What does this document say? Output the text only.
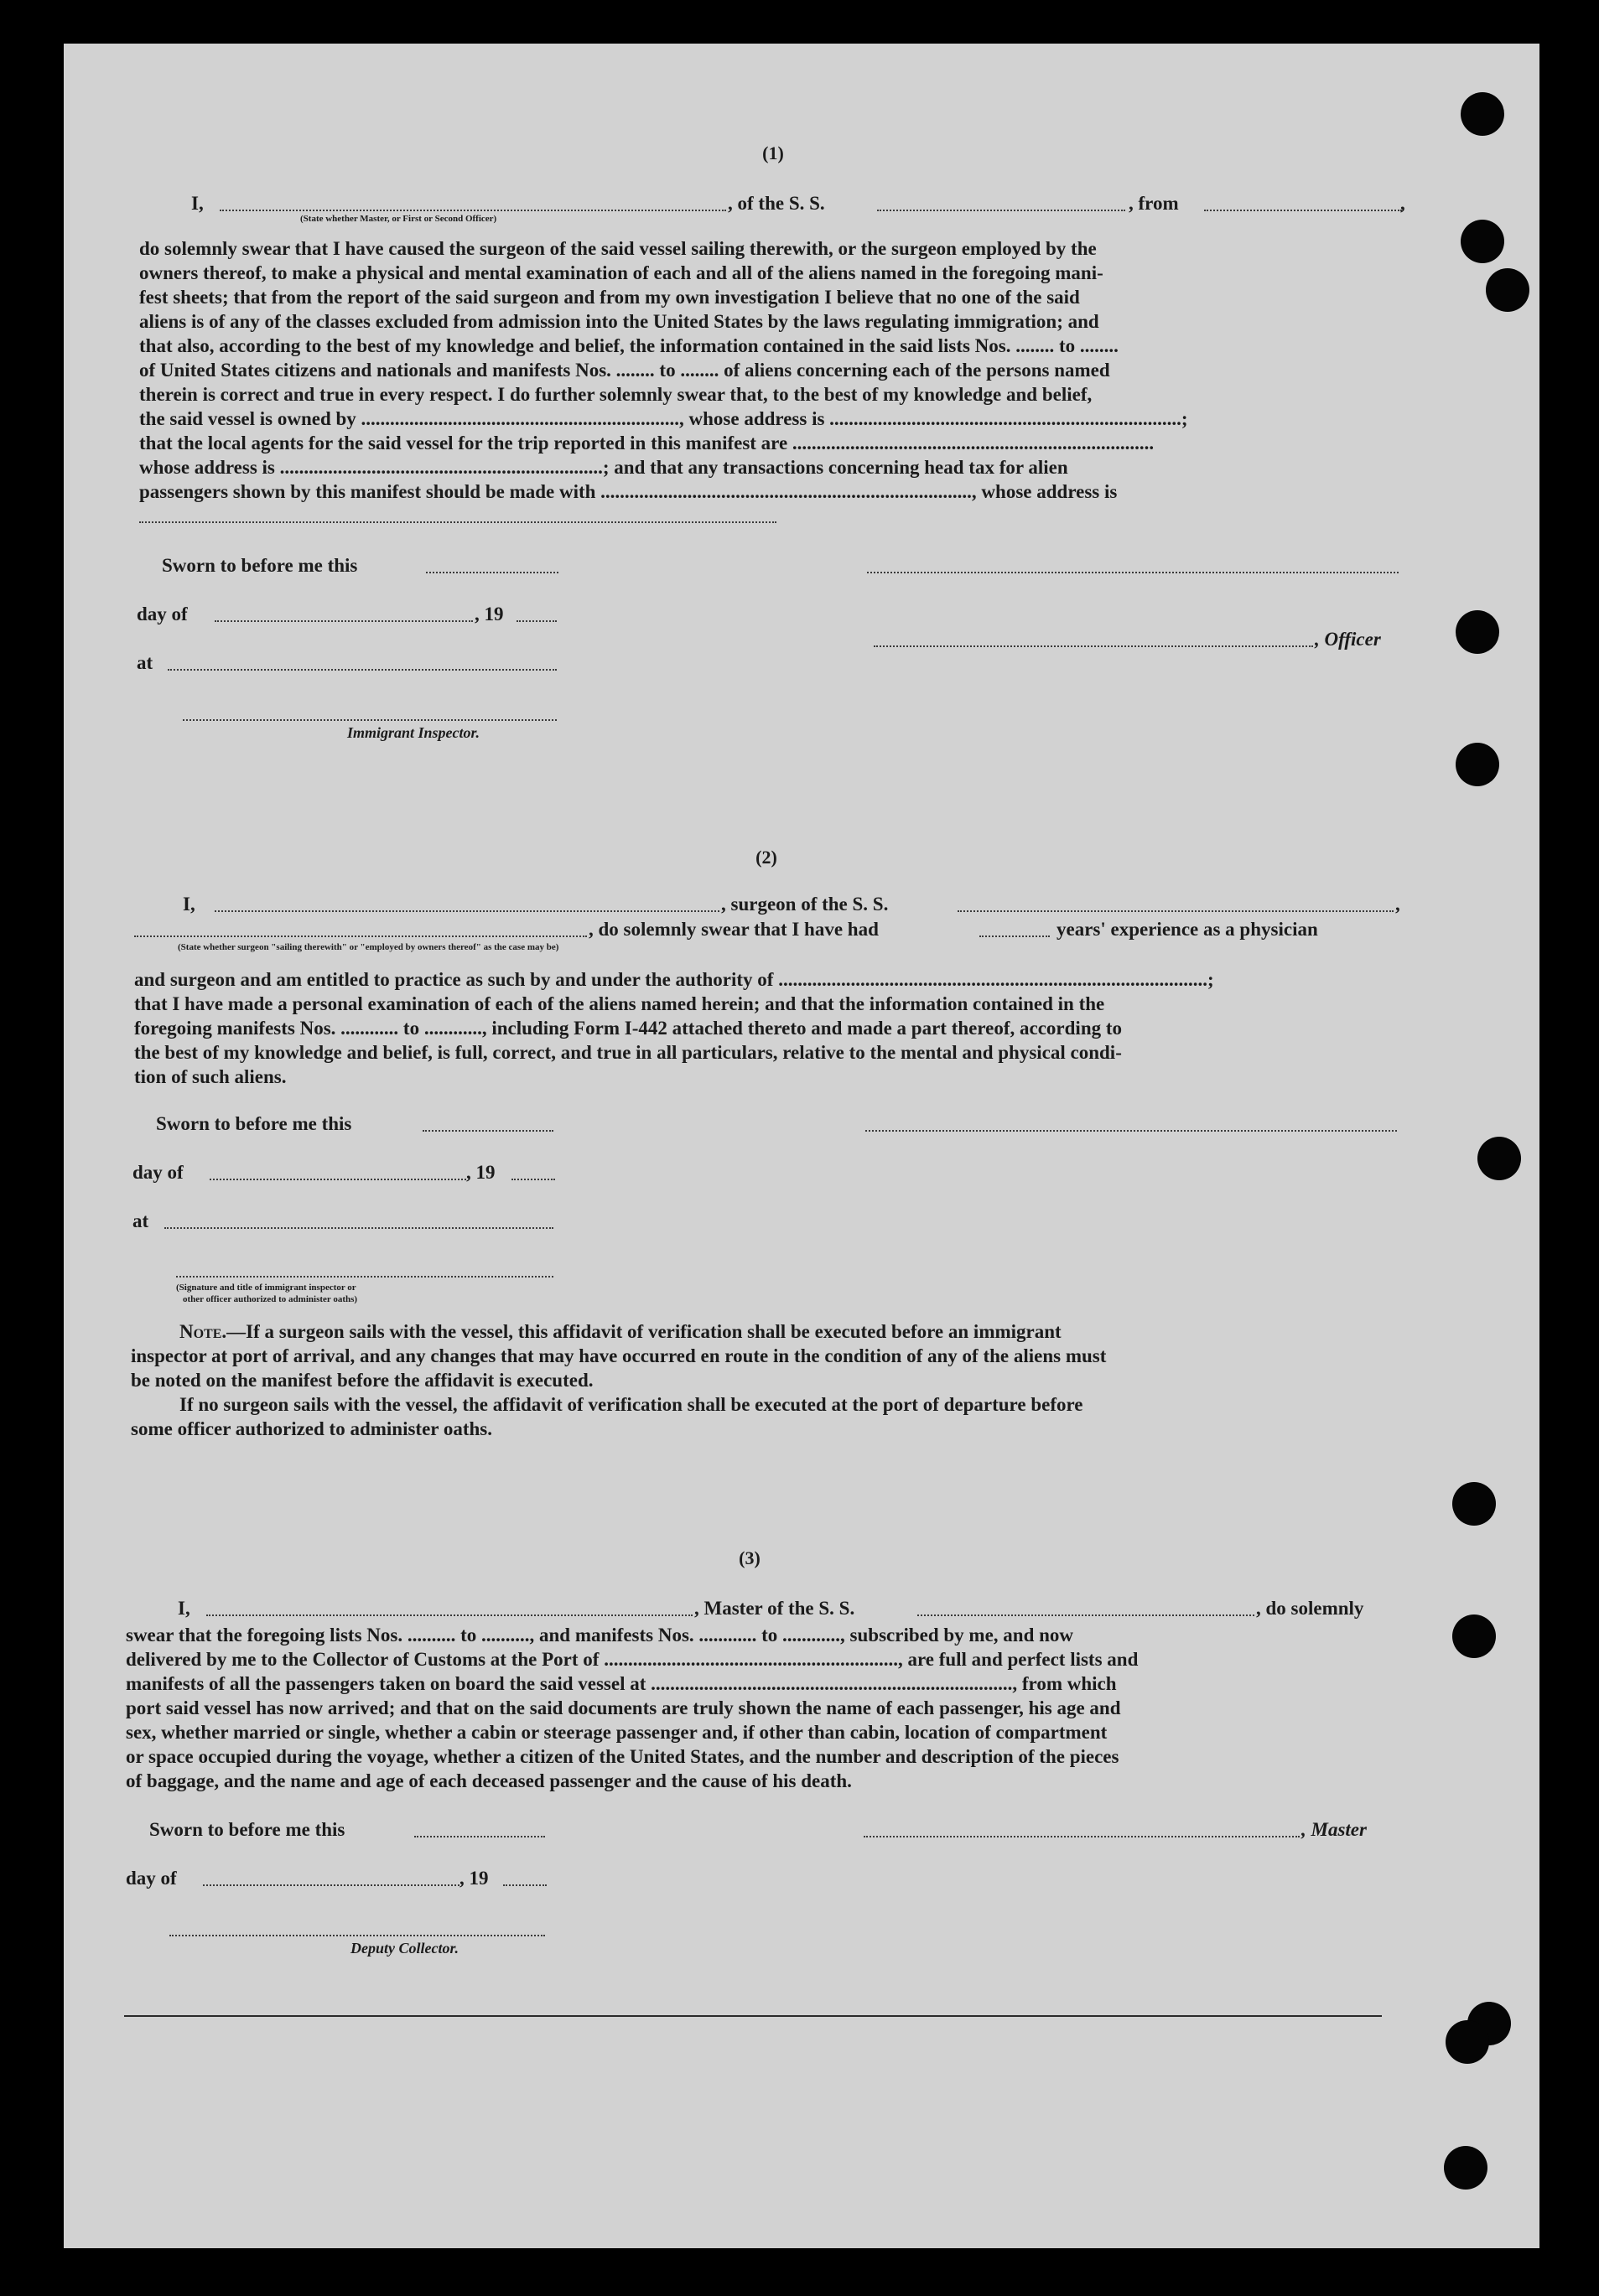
(1)
I,	, of the S. S.	, from	,
(State whether Master, or First or Second Officer)
do solemnly swear that I have caused the surgeon of the said vessel sailing therewith, or the surgeon employed by the
owners thereof, to make a physical and mental examination of each and all of the aliens named in the foregoing mani-
fest sheets; that from the report of the said surgeon and from my own investigation I believe that no one of the said
aliens is of any of the classes excluded from admission into the United States by the laws regulating immigration; and
that also, according to the best of my knowledge and belief, the information contained in the said lists Nos. ........ to ........
of United States citizens and nationals and manifests Nos. ........ to ........ of aliens concerning each of the persons named
therein is correct and true in every respect. I do further solemnly swear that, to the best of my knowledge and belief,
the said vessel is owned by .................................................................., whose address is .........................................................................;
that the local agents for the said vessel for the trip reported in this manifest are ...........................................................................
whose address is ...................................................................; and that any transactions concerning head tax for alien
passengers shown by this manifest should be made with ............................................................................., whose address is
Sworn to before me this
day of	, 19
, Officer
at
Immigrant Inspector.
(2)
I,	, surgeon of the S. S.	,
, do solemnly swear that I have had	years' experience as a physician
(State whether surgeon "sailing therewith" or "employed by owners thereof" as the case may be)
and surgeon and am entitled to practice as such by and under the authority of .........................................................................................;
that I have made a personal examination of each of the aliens named herein; and that the information contained in the
foregoing manifests Nos. ............ to ............, including Form I-442 attached thereto and made a part thereof, according to
the best of my knowledge and belief, is full, correct, and true in all particulars, relative to the mental and physical condi-
tion of such aliens.
Sworn to before me this
day of	, 19
at
(Signature and title of immigrant inspector or
other officer authorized to administer oaths)
Note.—If a surgeon sails with the vessel, this affidavit of verification shall be executed before an immigrant
inspector at port of arrival, and any changes that may have occurred en route in the condition of any of the aliens must
be noted on the manifest before the affidavit is executed.
If no surgeon sails with the vessel, the affidavit of verification shall be executed at the port of departure before
some officer authorized to administer oaths.
(3)
I,	, Master of the S. S.	, do solemnly
swear that the foregoing lists Nos. .......... to .........., and manifests Nos. ............ to ............, subscribed by me, and now
delivered by me to the Collector of Customs at the Port of ............................................................., are full and perfect lists and
manifests of all the passengers taken on board the said vessel at ..........................................................................., from which
port said vessel has now arrived; and that on the said documents are truly shown the name of each passenger, his age and
sex, whether married or single, whether a cabin or steerage passenger and, if other than cabin, location of compartment
or space occupied during the voyage, whether a citizen of the United States, and the number and description of the pieces
of baggage, and the name and age of each deceased passenger and the cause of his death.
Sworn to before me this	, Master
day of	, 19
Deputy Collector.
